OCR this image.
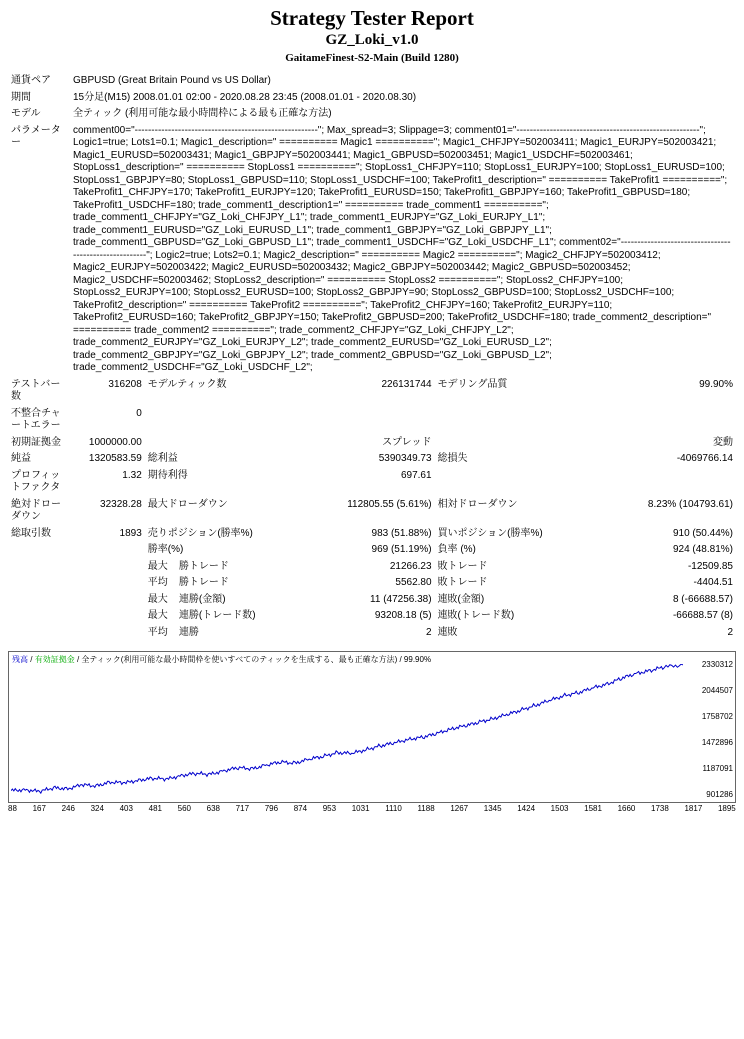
Strategy Tester Report
GZ_Loki_v1.0
GaitameFinest-S2-Main (Build 1280)
通貨ペア	GBPUSD (Great Britain Pound vs US Dollar)
期間	15分足(M15) 2008.01.01 02:00 - 2020.08.28 23:45 (2008.01.01 - 2020.08.30)
モデル	全ティック (利用可能な最小時間枠による最も正確な方法)
パラメーター	comment00="-------------------------------------------------------"; Max_spread=3; Slippage=3; comment01="-------------------------------------------------------"; Logic1=true; Lots1=0.1; Magic1_description=" ========== Magic1 =========="; Magic1_CHFJPY=502003411; Magic1_EURJPY=502003421; Magic1_EURUSD=502003431; Magic1_GBPJPY=502003441; Magic1_GBPUSD=502003451; Magic1_USDCHF=502003461; StopLoss1_description=" ========== StopLoss1 =========="; StopLoss1_CHFJPY=110; StopLoss1_EURJPY=100; StopLoss1_EURUSD=100; StopLoss1_GBPJPY=80; StopLoss1_GBPUSD=110; StopLoss1_USDCHF=100; TakeProfit1_description=" ========== TakeProfit1 =========="; TakeProfit1_CHFJPY=170; TakeProfit1_EURJPY=120; TakeProfit1_EURUSD=150; TakeProfit1_GBPJPY=160; TakeProfit1_GBPUSD=180; TakeProfit1_USDCHF=180; trade_comment1_description1=" ========== trade_comment1 =========="; trade_comment1_CHFJPY="GZ_Loki_CHFJPY_L1"; trade_comment1_EURJPY="GZ_Loki_EURJPY_L1"; trade_comment1_EURUSD="GZ_Loki_EURUSD_L1"; trade_comment1_GBPJPY="GZ_Loki_GBPJPY_L1"; trade_comment1_GBPUSD="GZ_Loki_GBPUSD_L1"; trade_comment1_USDCHF="GZ_Loki_USDCHF_L1"; comment02="-------------------------------------------------------"; Logic2=true; Lots2=0.1; Magic2_description=" ========== Magic2 =========="; Magic2_CHFJPY=502003412; Magic2_EURJPY=502003422; Magic2_EURUSD=502003432; Magic2_GBPJPY=502003442; Magic2_GBPUSD=502003452; Magic2_USDCHF=502003462; StopLoss2_description=" ========== StopLoss2 =========="; StopLoss2_CHFJPY=100; StopLoss2_EURJPY=100; StopLoss2_EURUSD=100; StopLoss2_GBPJPY=90; StopLoss2_GBPUSD=100; StopLoss2_USDCHF=100; TakeProfit2_description=" ========== TakeProfit2 =========="; TakeProfit2_CHFJPY=160; TakeProfit2_EURJPY=110; TakeProfit2_EURUSD=160; TakeProfit2_GBPJPY=150; TakeProfit2_GBPUSD=200; TakeProfit2_USDCHF=180; trade_comment2_description=" ========== trade_comment2 =========="; trade_comment2_CHFJPY="GZ_Loki_CHFJPY_L2"; trade_comment2_EURJPY="GZ_Loki_EURJPY_L2"; trade_comment2_EURUSD="GZ_Loki_EURUSD_L2"; trade_comment2_GBPJPY="GZ_Loki_GBPJPY_L2"; trade_comment2_GBPUSD="GZ_Loki_GBPUSD_L2"; trade_comment2_USDCHF="GZ_Loki_USDCHF_L2";
テストバー数	316208	モデルティック数	226131744	モデリング品質	99.90%
不整合チャートエラー	0				
初期証拠金	1000000.00		スプレッド		変動
純益	1320583.59	総利益	5390349.73	総損失	-4069766.14
プロフィットファクタ	1.32	期待利得	697.61		
絶対ドローダウン	32328.28	最大ドローダウン	112805.55 (5.61%)	相対ドローダウン	8.23% (104793.61)
総取引数	1893	売りポジション(勝率%)	983 (51.88%)	買いポジション(勝率%)	910 (50.44%)
		勝率(%)	969 (51.19%)	負率 (%)	924 (48.81%)
		最大 勝トレード	21266.23	敗トレード	-12509.85
		平均 勝トレード	5562.80	敗トレード	-4404.51
		最大 連勝(金額)	11 (47256.38)	連敗(金額)	8 (-66688.57)
		最大 連勝(トレード数)	93208.18 (5)	連敗(トレード数)	-66688.57 (8)
		平均 連勝	2	連敗	2
残高 / 有効証拠金 / 全ティック(利用可能な最小時間枠を使いすべてのティックを生成する、最も正確な方法) / 99.90%
2330312
2044507
1758702
1472896
1187091
901286
88 167 246 324 403 481 560 638 717 796 874 953 1031 1110 1188 1267 1345 1424 1503 1581 1660 1738 1817 1895
